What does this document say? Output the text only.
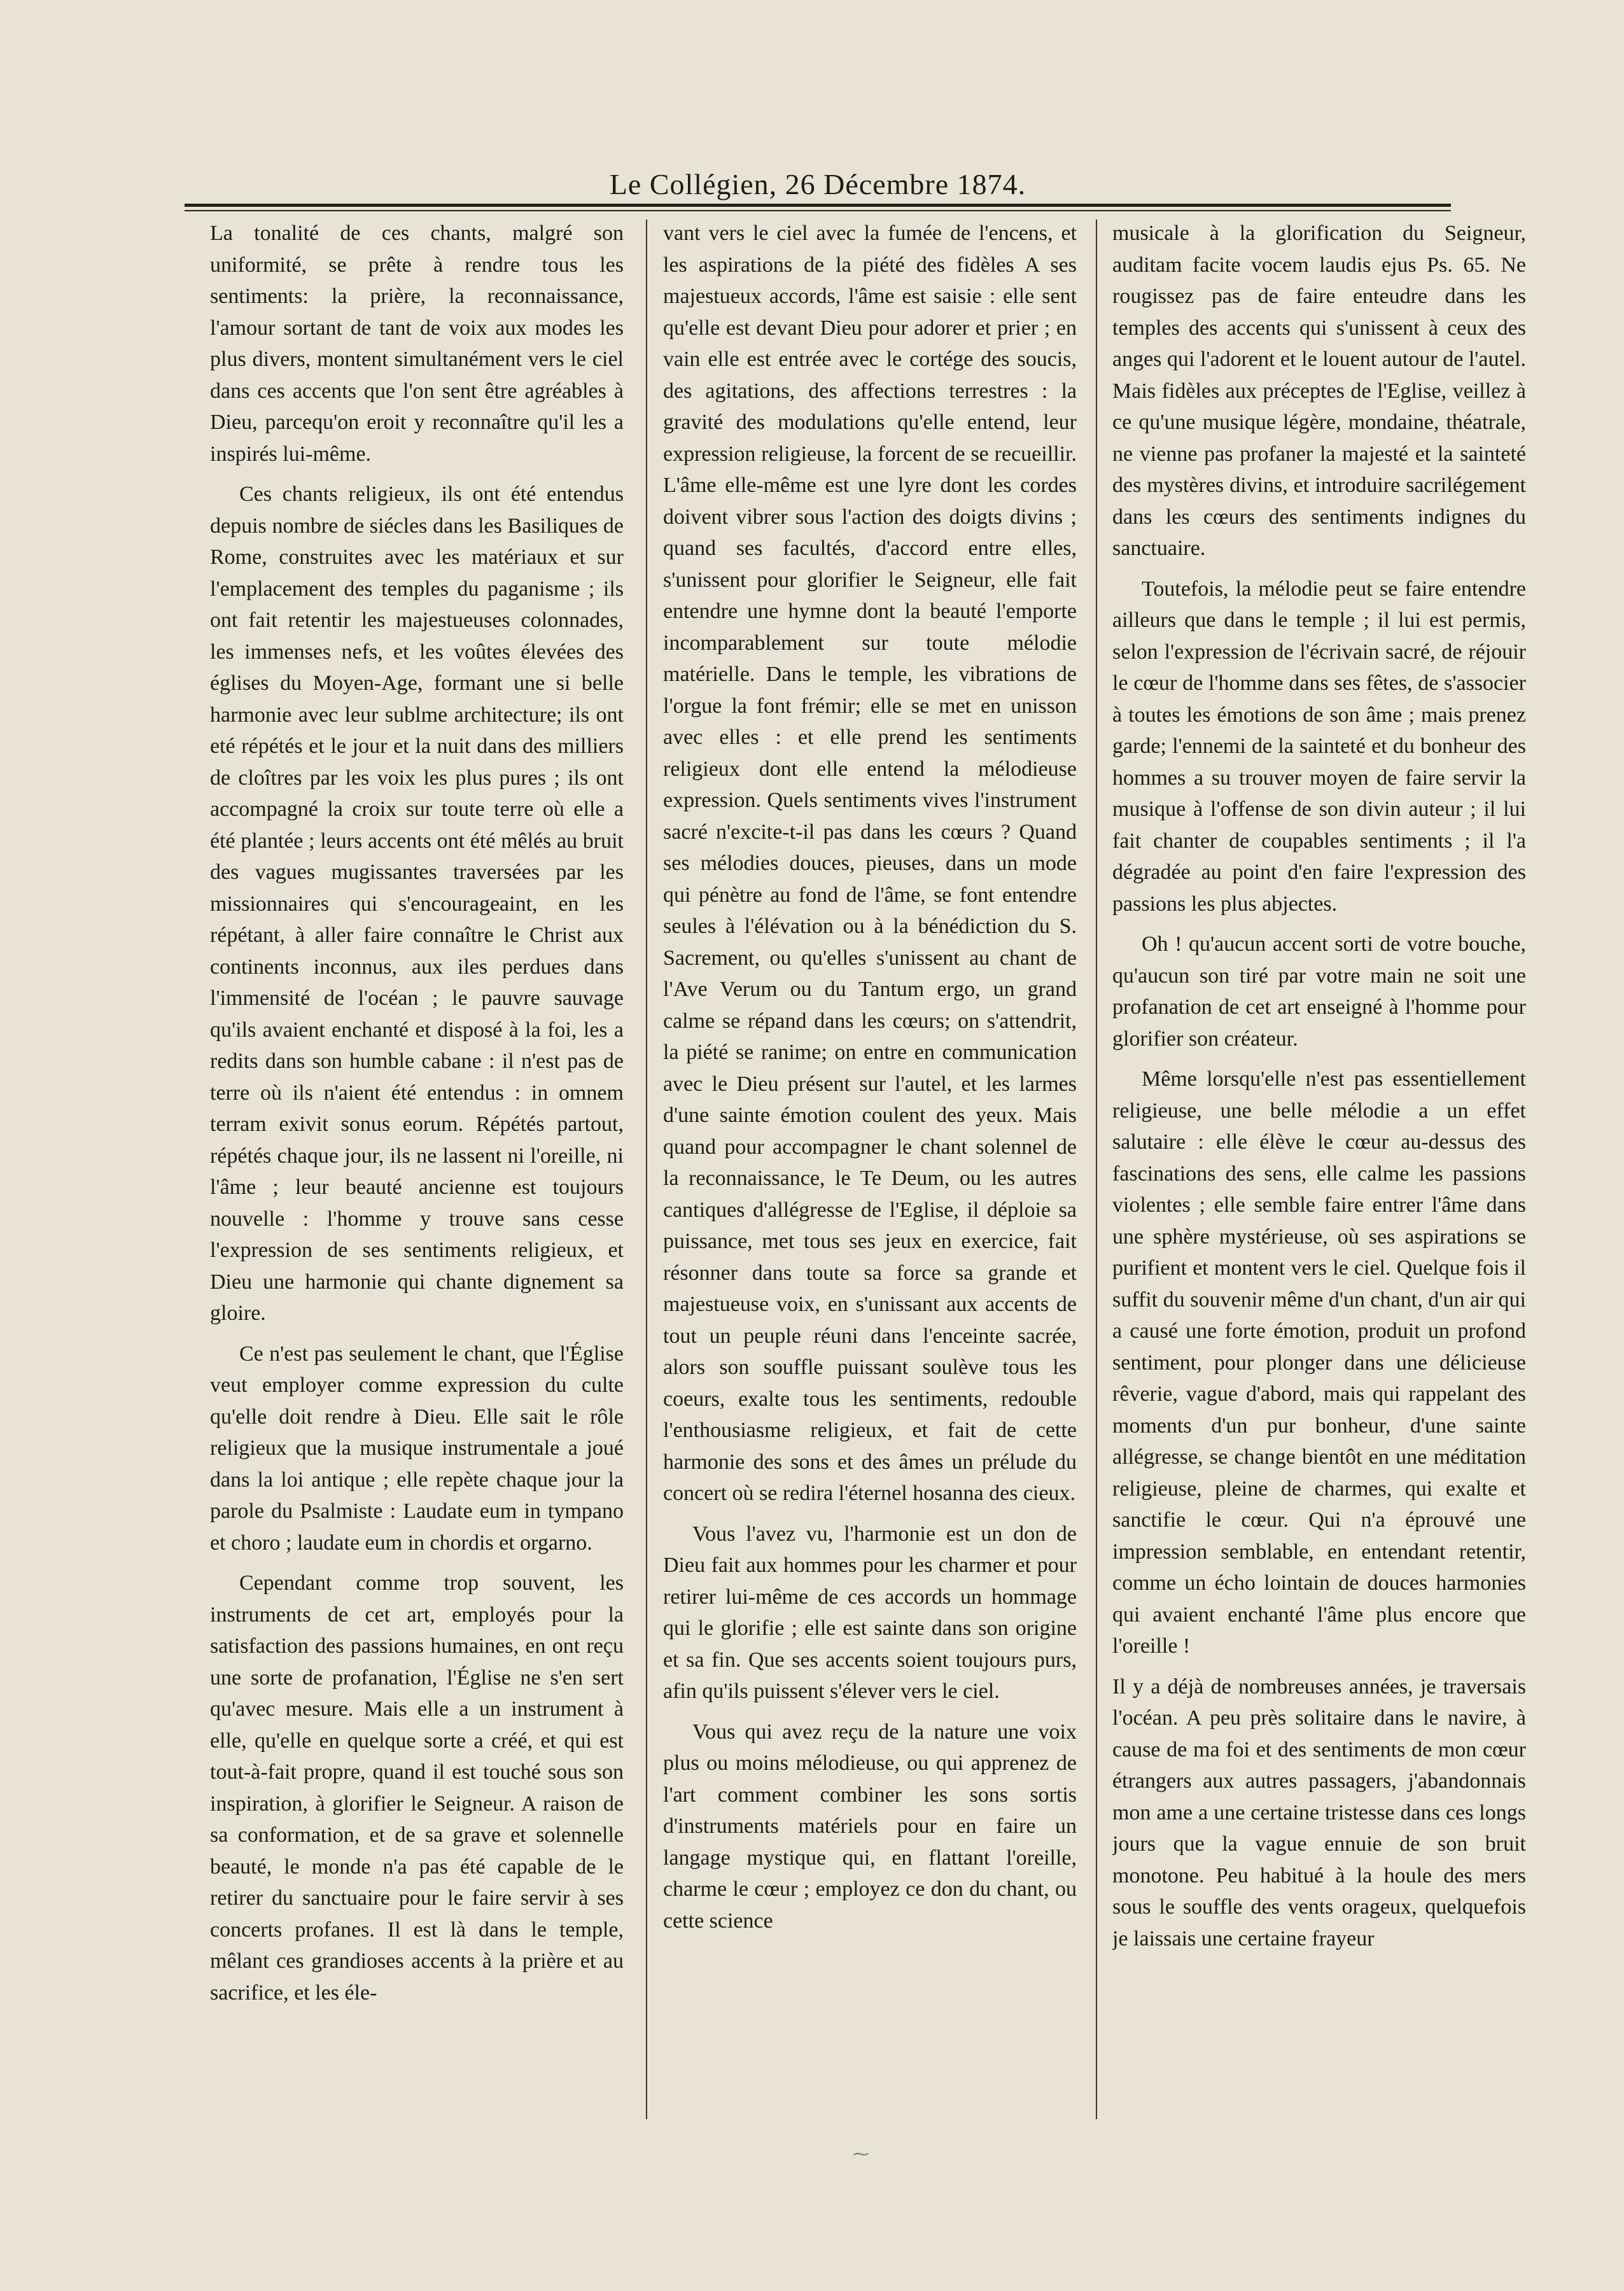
Le Collégien, 26 Décembre 1874.

La tonalité de ces chants, malgré son uniformité, se prête à rendre tous les sentiments: la prière, la reconnaissance, l'amour sortant de tant de voix aux modes les plus divers, montent simultanément vers le ciel dans ces accents que l'on sent être agréables à Dieu, parcequ'on eroit y reconnaître qu'il les a inspirés lui-même.

Ces chants religieux, ils ont été entendus depuis nombre de siécles dans les Basiliques de Rome, construites avec les matériaux et sur l'emplacement des temples du paganisme ; ils ont fait retentir les majestueuses colonnades, les immenses nefs, et les voûtes élevées des églises du Moyen-Age, formant une si belle harmonie avec leur sublme architecture; ils ont eté répétés et le jour et la nuit dans des milliers de cloîtres par les voix les plus pures ; ils ont accompagné la croix sur toute terre où elle a été plantée ; leurs accents ont été mêlés au bruit des vagues mugissantes traversées par les missionnaires qui s'encourageaint, en les répétant, à aller faire connaître le Christ aux continents inconnus, aux iles perdues dans l'immensité de l'océan ; le pauvre sauvage qu'ils avaient enchanté et disposé à la foi, les a redits dans son humble cabane : il n'est pas de terre où ils n'aient été entendus : in omnem terram exivit sonus eorum. Répétés partout, répétés chaque jour, ils ne lassent ni l'oreille, ni l'âme ; leur beauté ancienne est toujours nouvelle : l'homme y trouve sans cesse l'expression de ses sentiments religieux, et Dieu une harmonie qui chante dignement sa gloire.

Ce n'est pas seulement le chant, que l'Église veut employer comme expression du culte qu'elle doit rendre à Dieu. Elle sait le rôle religieux que la musique instrumentale a joué dans la loi antique ; elle repète chaque jour la parole du Psalmiste : Laudate eum in tympano et choro ; laudate eum in chordis et orgarno.

Cependant comme trop souvent, les instruments de cet art, employés pour la satisfaction des passions humaines, en ont reçu une sorte de profanation, l'Église ne s'en sert qu'avec mesure. Mais elle a un instrument à elle, qu'elle en quelque sorte a créé, et qui est tout-à-fait propre, quand il est touché sous son inspiration, à glorifier le Seigneur. A raison de sa conformation, et de sa grave et solennelle beauté, le monde n'a pas été capable de le retirer du sanctuaire pour le faire servir à ses concerts profanes. Il est là dans le temple, mêlant ces grandioses accents à la prière et au sacrifice, et les éle-

vant vers le ciel avec la fumée de l'encens, et les aspirations de la piété des fidèles A ses majestueux accords, l'âme est saisie : elle sent qu'elle est devant Dieu pour adorer et prier ; en vain elle est entrée avec le cortége des soucis, des agitations, des affections terrestres : la gravité des modulations qu'elle entend, leur expression religieuse, la forcent de se recueillir. L'âme elle-même est une lyre dont les cordes doivent vibrer sous l'action des doigts divins ; quand ses facultés, d'accord entre elles, s'unissent pour glorifier le Seigneur, elle fait entendre une hymne dont la beauté l'emporte incomparablement sur toute mélodie matérielle. Dans le temple, les vibrations de l'orgue la font frémir; elle se met en unisson avec elles : et elle prend les sentiments religieux dont elle entend la mélodieuse expression. Quels sentiments vives l'instrument sacré n'excite-t-il pas dans les cœurs ? Quand ses mélodies douces, pieuses, dans un mode qui pénètre au fond de l'âme, se font entendre seules à l'élévation ou à la bénédiction du S. Sacrement, ou qu'elles s'unissent au chant de l'Ave Verum ou du Tantum ergo, un grand calme se répand dans les cœurs; on s'attendrit, la piété se ranime; on entre en communication avec le Dieu présent sur l'autel, et les larmes d'une sainte émotion coulent des yeux. Mais quand pour accompagner le chant solennel de la reconnaissance, le Te Deum, ou les autres cantiques d'allégresse de l'Eglise, il déploie sa puissance, met tous ses jeux en exercice, fait résonner dans toute sa force sa grande et majestueuse voix, en s'unissant aux accents de tout un peuple réuni dans l'enceinte sacrée, alors son souffle puissant soulève tous les coeurs, exalte tous les sentiments, redouble l'enthousiasme religieux, et fait de cette harmonie des sons et des âmes un prélude du concert où se redira l'éternel hosanna des cieux.

Vous l'avez vu, l'harmonie est un don de Dieu fait aux hommes pour les charmer et pour retirer lui-même de ces accords un hommage qui le glorifie ; elle est sainte dans son origine et sa fin. Que ses accents soient toujours purs, afin qu'ils puissent s'élever vers le ciel.

Vous qui avez reçu de la nature une voix plus ou moins mélodieuse, ou qui apprenez de l'art comment combiner les sons sortis d'instruments matériels pour en faire un langage mystique qui, en flattant l'oreille, charme le cœur ; employez ce don du chant, ou cette science

musicale à la glorification du Seigneur, auditam facite vocem laudis ejus Ps. 65. Ne rougissez pas de faire enteudre dans les temples des accents qui s'unissent à ceux des anges qui l'adorent et le louent autour de l'autel. Mais fidèles aux préceptes de l'Eglise, veillez à ce qu'une musique légère, mondaine, théatrale, ne vienne pas profaner la majesté et la sainteté des mystères divins, et introduire sacrilégement dans les cœurs des sentiments indignes du sanctuaire.

Toutefois, la mélodie peut se faire entendre ailleurs que dans le temple ; il lui est permis, selon l'expression de l'écrivain sacré, de réjouir le cœur de l'homme dans ses fêtes, de s'associer à toutes les émotions de son âme ; mais prenez garde; l'ennemi de la sainteté et du bonheur des hommes a su trouver moyen de faire servir la musique à l'offense de son divin auteur ; il lui fait chanter de coupables sentiments ; il l'a dégradée au point d'en faire l'expression des passions les plus abjectes.

Oh ! qu'aucun accent sorti de votre bouche, qu'aucun son tiré par votre main ne soit une profanation de cet art enseigné à l'homme pour glorifier son créateur.

Même lorsqu'elle n'est pas essentiellement religieuse, une belle mélodie a un effet salutaire : elle élève le cœur au-dessus des fascinations des sens, elle calme les passions violentes ; elle semble faire entrer l'âme dans une sphère mystérieuse, où ses aspirations se purifient et montent vers le ciel. Quelque fois il suffit du souvenir même d'un chant, d'un air qui a causé une forte émotion, produit un profond sentiment, pour plonger dans une délicieuse rêverie, vague d'abord, mais qui rappelant des moments d'un pur bonheur, d'une sainte allégresse, se change bientôt en une méditation religieuse, pleine de charmes, qui exalte et sanctifie le cœur. Qui n'a éprouvé une impression semblable, en entendant retentir, comme un écho lointain de douces harmonies qui avaient enchanté l'âme plus encore que l'oreille !

Il y a déjà de nombreuses années, je traversais l'océan. A peu près solitaire dans le navire, à cause de ma foi et des sentiments de mon cœur étrangers aux autres passagers, j'abandonnais mon ame a une certaine tristesse dans ces longs jours que la vague ennuie de son bruit monotone. Peu habitué à la houle des mers sous le souffle des vents orageux, quelquefois je laissais une certaine frayeur

⁓
